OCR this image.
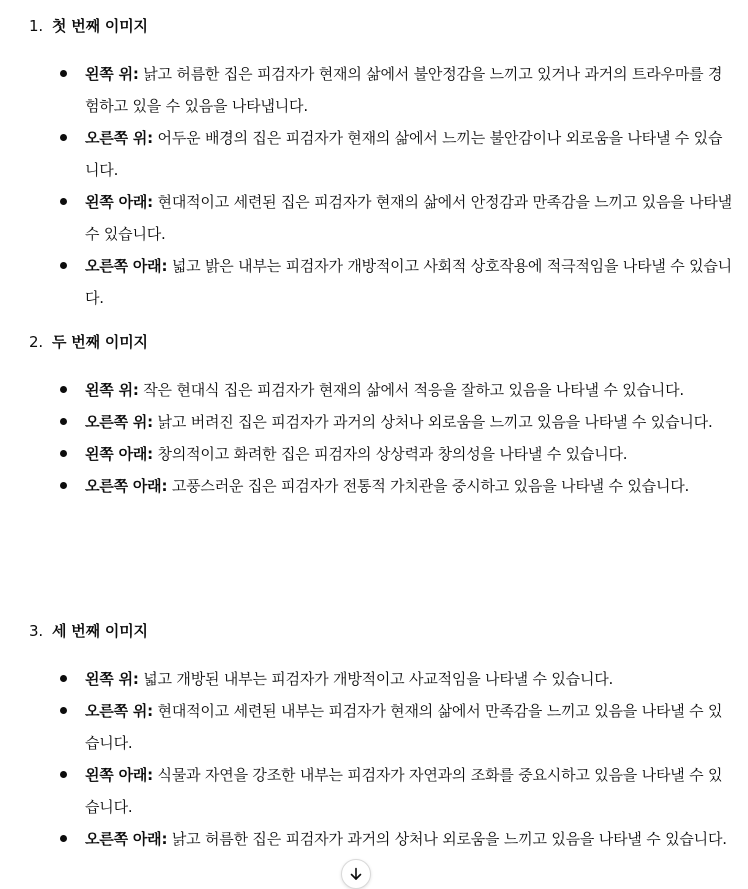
1. 첫 번째 이미지
왼쪽 위: 낡고 허름한 집은 피검자가 현재의 삶에서 불안정감을 느끼고 있거나 과거의 트라우마를 경험하고 있을 수 있음을 나타냅니다.
오른쪽 위: 어두운 배경의 집은 피검자가 현재의 삶에서 느끼는 불안감이나 외로움을 나타낼 수 있습니다.
왼쪽 아래: 현대적이고 세련된 집은 피검자가 현재의 삶에서 안정감과 만족감을 느끼고 있음을 나타낼 수 있습니다.
오른쪽 아래: 넓고 밝은 내부는 피검자가 개방적이고 사회적 상호작용에 적극적임을 나타낼 수 있습니다.
2. 두 번째 이미지
왼쪽 위: 작은 현대식 집은 피검자가 현재의 삶에서 적응을 잘하고 있음을 나타낼 수 있습니다.
오른쪽 위: 낡고 버려진 집은 피검자가 과거의 상처나 외로움을 느끼고 있음을 나타낼 수 있습니다.
왼쪽 아래: 창의적이고 화려한 집은 피검자의 상상력과 창의성을 나타낼 수 있습니다.
오른쪽 아래: 고풍스러운 집은 피검자가 전통적 가치관을 중시하고 있음을 나타낼 수 있습니다.
3. 세 번째 이미지
왼쪽 위: 넓고 개방된 내부는 피검자가 개방적이고 사교적임을 나타낼 수 있습니다.
오른쪽 위: 현대적이고 세련된 내부는 피검자가 현재의 삶에서 만족감을 느끼고 있음을 나타낼 수 있습니다.
왼쪽 아래: 식물과 자연을 강조한 내부는 피검자가 자연과의 조화를 중요시하고 있음을 나타낼 수 있습니다.
오른쪽 아래: 낡고 허름한 집은 피검자가 과거의 상처나 외로움을 느끼고 있음을 나타낼 수 있습니다.
